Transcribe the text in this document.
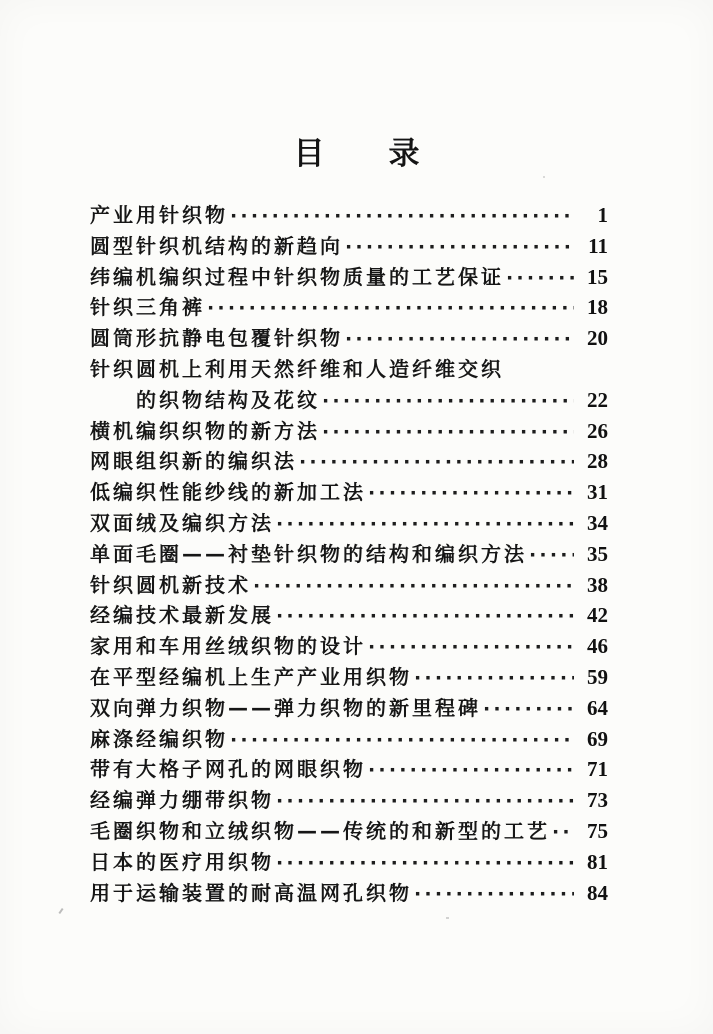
目录
产业用针织物 ·····	1
圆型针织机结构的新趋向 ·····	11
纬编机编织过程中针织物质量的工艺保证 ·····	15
针织三角裤 ·····	18
圆筒形抗静电包覆针织物 ·····	20
针织圆机上利用天然纤维和人造纤维交织
的织物结构及花纹 ·····	22
横机编织织物的新方法 ·····	26
网眼组织新的编织法 ·····	28
低编织性能纱线的新加工法 ·····	31
双面绒及编织方法 ·····	34
单面毛圈——衬垫针织物的结构和编织方法 ·····	35
针织圆机新技术 ·····	38
经编技术最新发展 ·····	42
家用和车用丝绒织物的设计 ·····	46
在平型经编机上生产产业用织物 ·····	59
双向弹力织物——弹力织物的新里程碑 ·····	64
麻涤经编织物 ·····	69
带有大格子网孔的网眼织物 ·····	71
经编弹力绷带织物 ·····	73
毛圈织物和立绒织物——传统的和新型的工艺 ·····	75
日本的医疗用织物 ·····	81
用于运输装置的耐高温网孔织物 ·····	84
